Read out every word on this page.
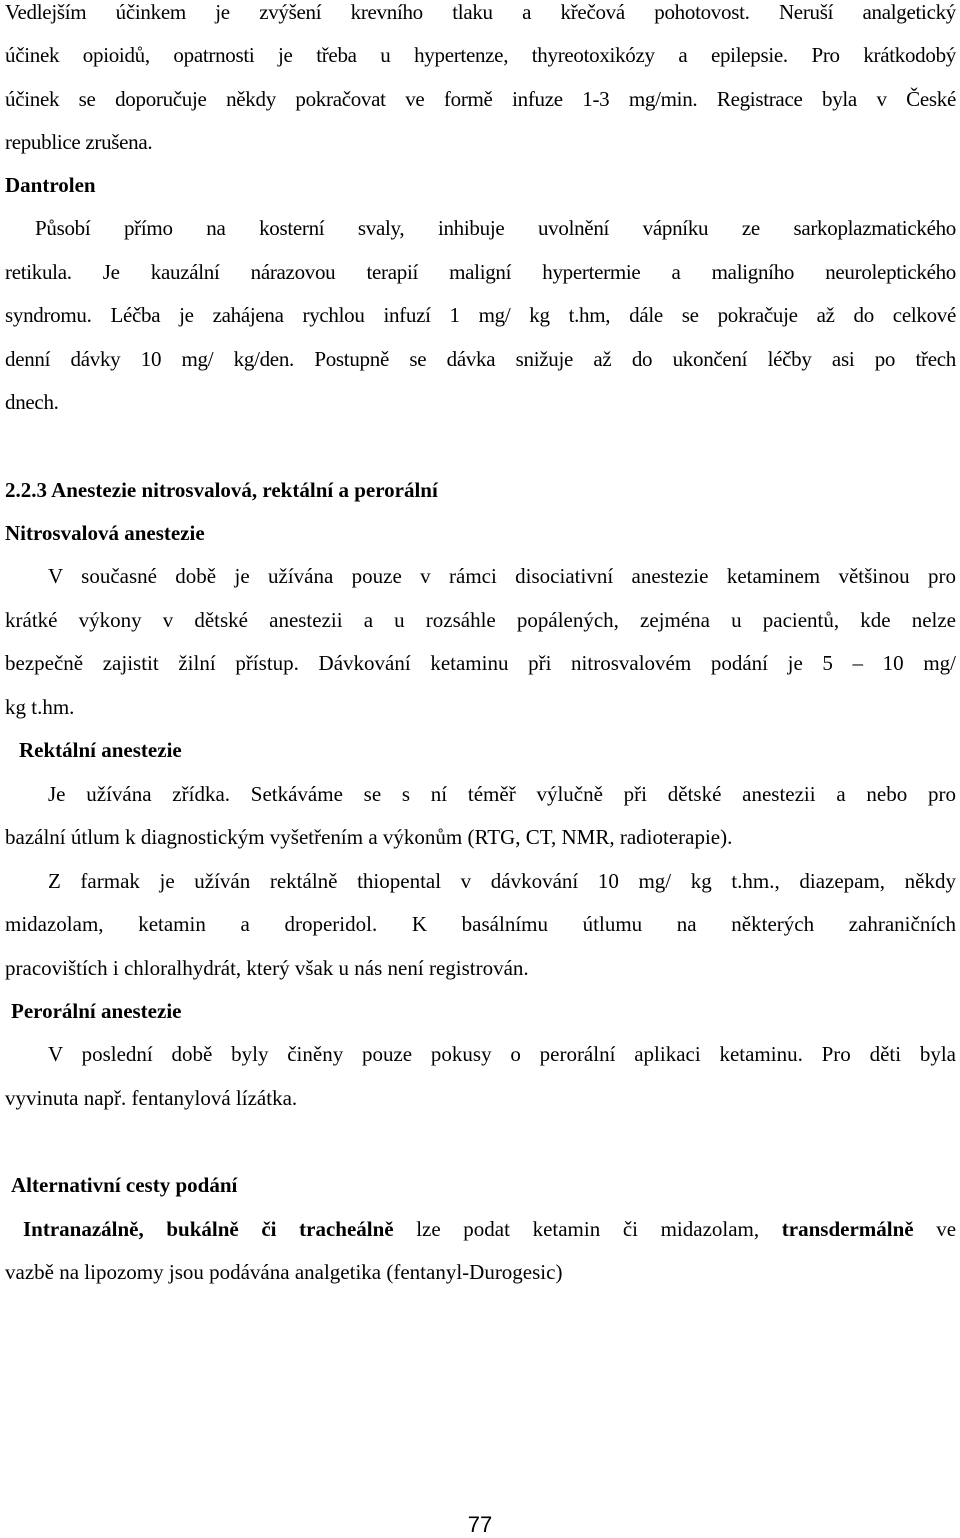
Vedlejším účinkem je zvýšení krevního tlaku a křečová pohotovost. Neruší analgetický
účinek opioidů, opatrnosti je třeba u hypertenze, thyreotoxikózy a epilepsie. Pro krátkodobý
účinek se doporučuje někdy pokračovat ve formě infuze 1-3 mg/min. Registrace byla v České
republice zrušena.
Dantrolen
Působí přímo na kosterní svaly, inhibuje uvolnění vápníku ze sarkoplazmatického
retikula. Je kauzální nárazovou terapií maligní hypertermie a maligního neuroleptického
syndromu. Léčba je zahájena rychlou infuzí 1 mg/ kg t.hm, dále se pokračuje až do celkové
denní dávky 10 mg/ kg/den. Postupně se dávka snižuje až do ukončení léčby asi po třech
dnech.
2.2.3 Anestezie nitrosvalová, rektální a perorální
Nitrosvalová anestezie
V současné době je užívána pouze v rámci disociativní anestezie ketaminem většinou pro
krátké výkony v dětské anestezii a u rozsáhle popálených, zejména u pacientů, kde nelze
bezpečně zajistit žilní přístup. Dávkování ketaminu při nitrosvalovém podání je 5 – 10 mg/
kg t.hm.
Rektální anestezie
Je užívána zřídka. Setkáváme se s ní téměř výlučně při dětské anestezii a nebo pro
bazální útlum k diagnostickým vyšetřením a výkonům (RTG, CT, NMR, radioterapie).
Z farmak je užíván rektálně thiopental v dávkování 10 mg/ kg t.hm., diazepam, někdy
midazolam, ketamin a droperidol. K basálnímu útlumu na některých zahraničních
pracovištích i chloralhydrát, který však u nás není registrován.
Perorální anestezie
V poslední době byly činěny pouze pokusy o perorální aplikaci ketaminu. Pro děti byla
vyvinuta např. fentanylová lízátka.
Alternativní cesty podání
Intranazálně, bukálně či tracheálně lze podat ketamin či midazolam, transdermálně ve
vazbě na lipozomy jsou podávána analgetika (fentanyl-Durogesic)
77
